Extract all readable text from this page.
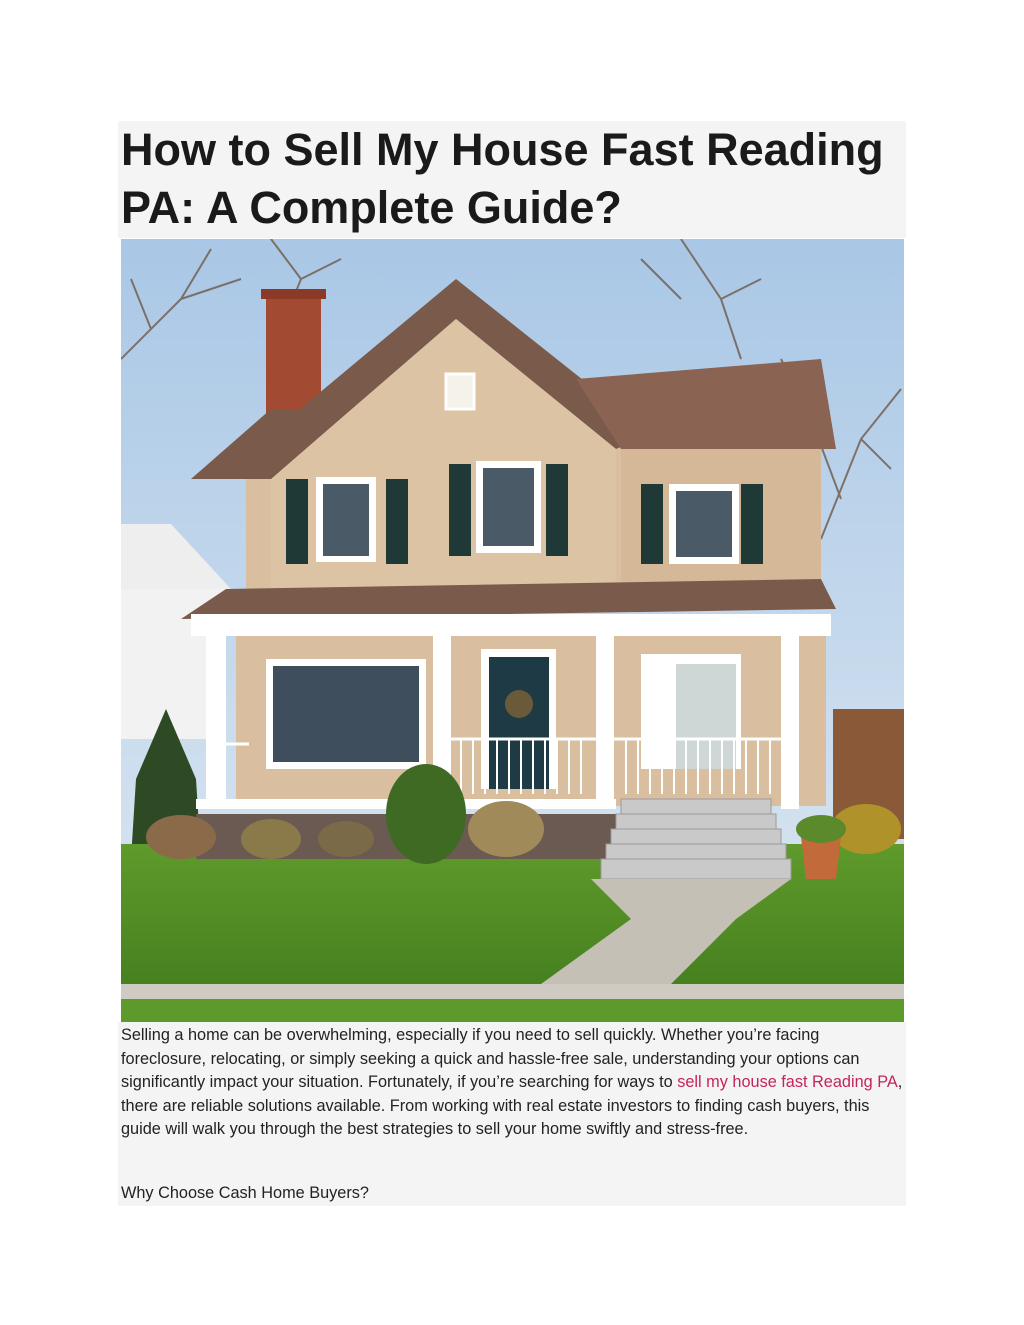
How to Sell My House Fast Reading PA: A Complete Guide?

Selling a home can be overwhelming, especially if you need to sell quickly. Whether you’re facing foreclosure, relocating, or simply seeking a quick and hassle-free sale, understanding your options can significantly impact your situation. Fortunately, if you’re searching for ways to sell my house fast Reading PA, there are reliable solutions available. From working with real estate investors to finding cash buyers, this guide will walk you through the best strategies to sell your home swiftly and stress-free.

Why Choose Cash Home Buyers?
